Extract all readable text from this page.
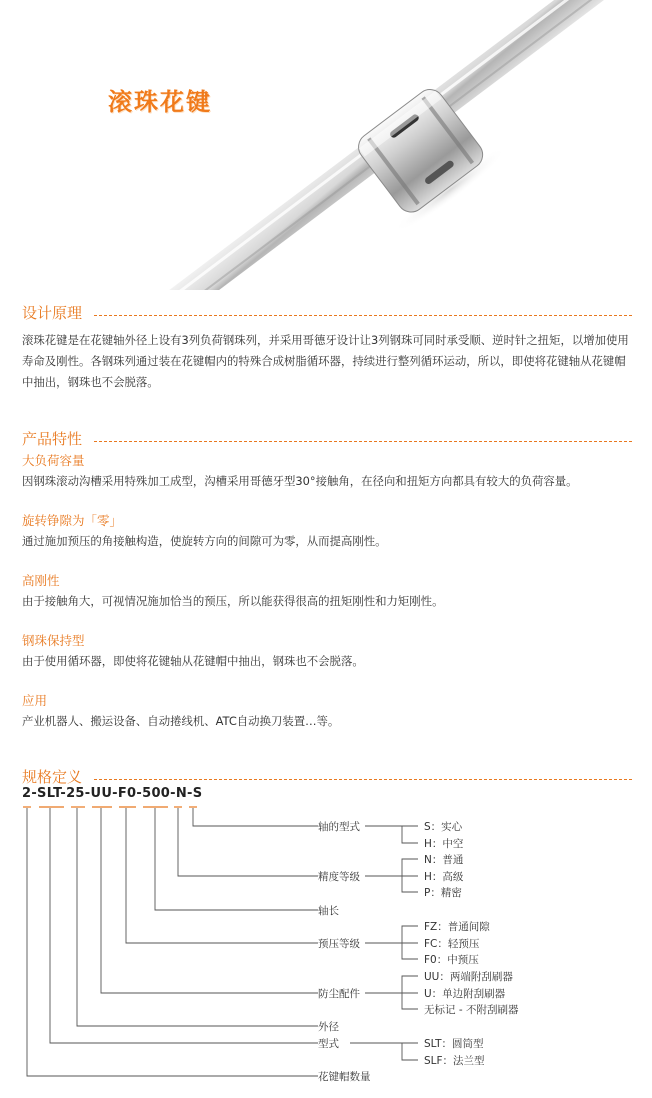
滚珠花键
设计原理
滚珠花键是在花键轴外径上设有3列负荷钢珠列，并采用哥德牙设计让3列钢珠可同时承受顺、逆时针之扭矩，以增加使用寿命及刚性。各钢珠列通过装在花键帽内的特殊合成树脂循环器，持续进行整列循环运动，所以，即使将花键轴从花键帽中抽出，钢珠也不会脱落。
产品特性
大负荷容量
因钢珠滚动沟槽采用特殊加工成型，沟槽采用哥德牙型30°接触角，在径向和扭矩方向都具有较大的负荷容量。
旋转铮隙为「零」
通过施加预压的角接触构造，使旋转方向的间隙可为零，从而提高刚性。
高刚性
由于接触角大，可视情况施加恰当的预压，所以能获得很高的扭矩刚性和力矩刚性。
钢珠保持型
由于使用循环器，即使将花键轴从花键帽中抽出，钢珠也不会脱落。
应用
产业机器人、搬运设备、自动捲线机、ATC自动换刀装置…等。
规格定义
2-SLT-25-UU-F0-500-N-S
轴的型式
精度等级
轴长
预压等级
防尘配件
外径
型式
花键帽数量
S：实心
H：中空
N：普通
H：高级
P：精密
FZ：普通间隙
FC：轻预压
F0：中预压
UU：两端附刮刷器
U：单边附刮刷器
无标记 - 不附刮刷器
SLT：圆筒型
SLF：法兰型
